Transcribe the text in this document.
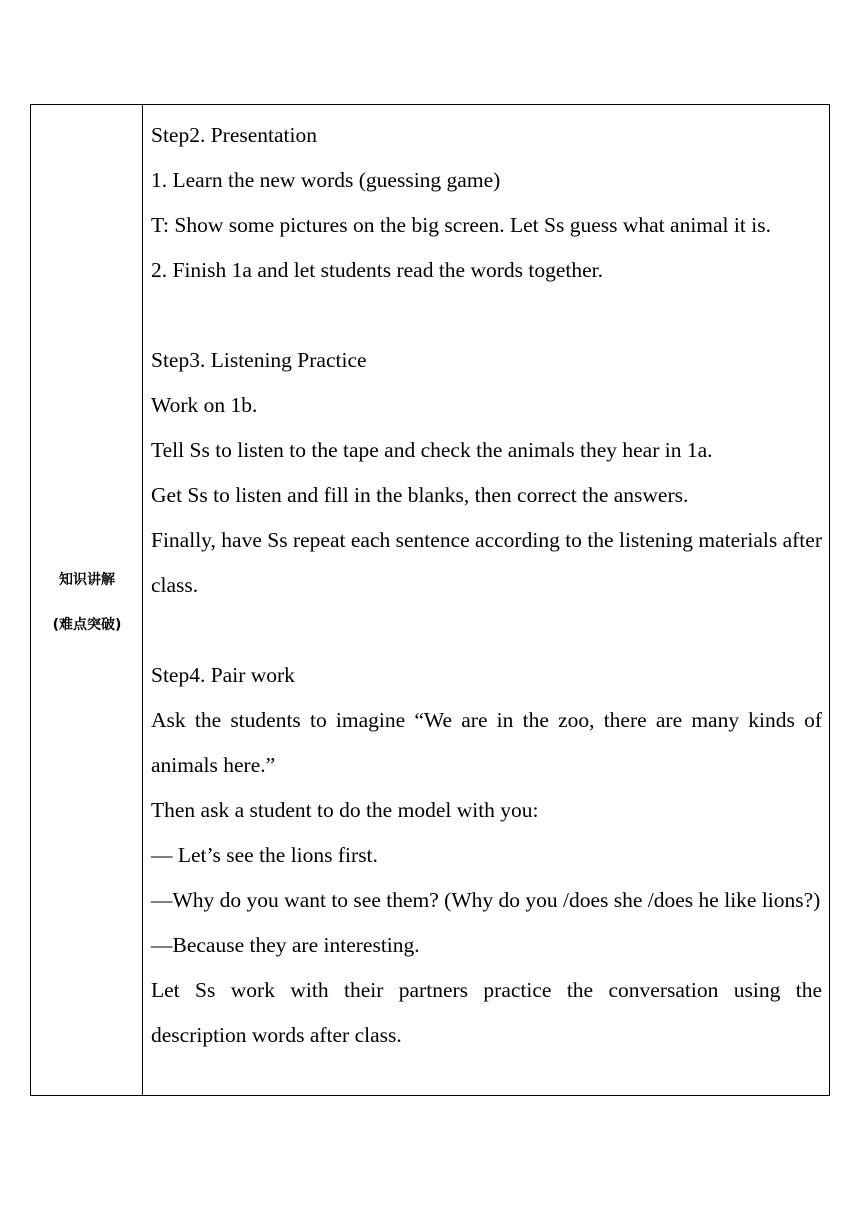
知识讲解
(难点突破)

Step2. Presentation

1. Learn the new words (guessing game)

T: Show some pictures on the big screen. Let Ss guess what animal it is.

2. Finish 1a and let students read the words together.

Step3. Listening Practice

Work on 1b.

Tell Ss to listen to the tape and check the animals they hear in 1a.

Get Ss to listen and fill in the blanks, then correct the answers.

Finally, have Ss repeat each sentence according to the listening materials after class.

Step4. Pair work

Ask the students to imagine “We are in the zoo, there are many kinds of animals here.”

Then ask a student to do the model with you:

— Let’s see the lions first.

—Why do you want to see them? (Why do you /does she /does he like lions?)

—Because they are interesting.

Let Ss work with their partners practice the conversation using the description words after class.
